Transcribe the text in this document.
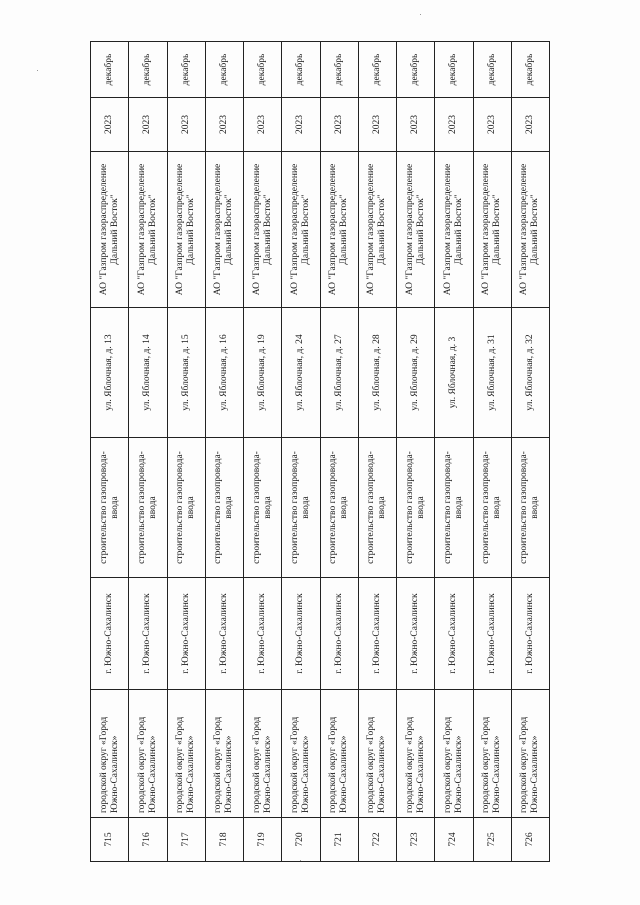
715	городской округ «Город Южно-Сахалинск»	г. Южно-Сахалинск	строительство газопровода-ввода	ул. Яблочная, д. 13	АО "Газпром газораспределение Дальний Восток"	2023	декабрь
716	городской округ «Город Южно-Сахалинск»	г. Южно-Сахалинск	строительство газопровода-ввода	ул. Яблочная, д. 14	АО "Газпром газораспределение Дальний Восток"	2023	декабрь
717	городской округ «Город Южно-Сахалинск»	г. Южно-Сахалинск	строительство газопровода-ввода	ул. Яблочная, д. 15	АО "Газпром газораспределение Дальний Восток"	2023	декабрь
718	городской округ «Город Южно-Сахалинск»	г. Южно-Сахалинск	строительство газопровода-ввода	ул. Яблочная, д. 16	АО "Газпром газораспределение Дальний Восток"	2023	декабрь
719	городской округ «Город Южно-Сахалинск»	г. Южно-Сахалинск	строительство газопровода-ввода	ул. Яблочная, д. 19	АО "Газпром газораспределение Дальний Восток"	2023	декабрь
720	городской округ «Город Южно-Сахалинск»	г. Южно-Сахалинск	строительство газопровода-ввода	ул. Яблочная, д. 24	АО "Газпром газораспределение Дальний Восток"	2023	декабрь
721	городской округ «Город Южно-Сахалинск»	г. Южно-Сахалинск	строительство газопровода-ввода	ул. Яблочная, д. 27	АО "Газпром газораспределение Дальний Восток"	2023	декабрь
722	городской округ «Город Южно-Сахалинск»	г. Южно-Сахалинск	строительство газопровода-ввода	ул. Яблочная, д. 28	АО "Газпром газораспределение Дальний Восток"	2023	декабрь
723	городской округ «Город Южно-Сахалинск»	г. Южно-Сахалинск	строительство газопровода-ввода	ул. Яблочная, д. 29	АО "Газпром газораспределение Дальний Восток"	2023	декабрь
724	городской округ «Город Южно-Сахалинск»	г. Южно-Сахалинск	строительство газопровода-ввода	ул. Яблочная, д. 3	АО "Газпром газораспределение Дальний Восток"	2023	декабрь
725	городской округ «Город Южно-Сахалинск»	г. Южно-Сахалинск	строительство газопровода-ввода	ул. Яблочная, д. 31	АО "Газпром газораспределение Дальний Восток"	2023	декабрь
726	городской округ «Город Южно-Сахалинск»	г. Южно-Сахалинск	строительство газопровода-ввода	ул. Яблочная, д. 32	АО "Газпром газораспределение Дальний Восток"	2023	декабрь
